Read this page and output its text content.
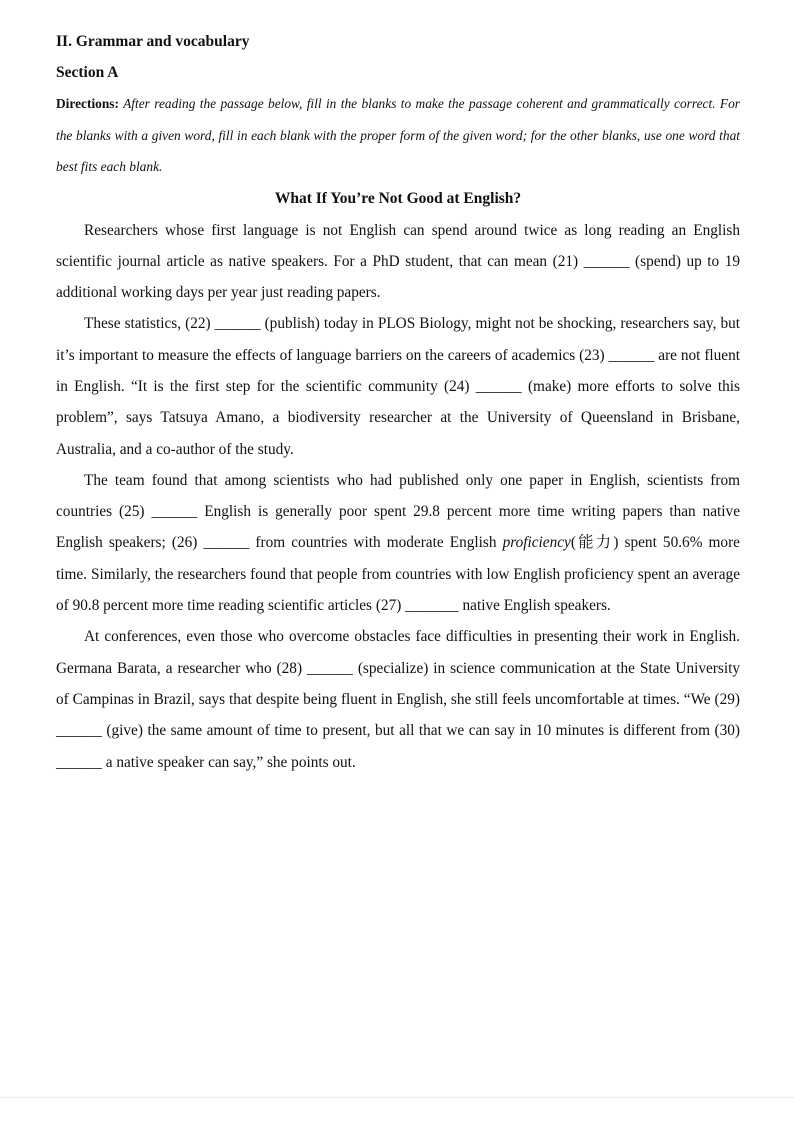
II. Grammar and vocabulary

Section A

Directions: After reading the passage below, fill in the blanks to make the passage coherent and grammatically correct. For the blanks with a given word, fill in each blank with the proper form of the given word; for the other blanks, use one word that best fits each blank.

What If You’re Not Good at English?

Researchers whose first language is not English can spend around twice as long reading an English scientific journal article as native speakers. For a PhD student, that can mean (21) ______ (spend) up to 19 additional working days per year just reading papers.

These statistics, (22) ______ (publish) today in PLOS Biology, might not be shocking, researchers say, but it’s important to measure the effects of language barriers on the careers of academics (23) ______ are not fluent in English. “It is the first step for the scientific community (24) ______ (make) more efforts to solve this problem”, says Tatsuya Amano, a biodiversity researcher at the University of Queensland in Brisbane, Australia, and a co-author of the study.

The team found that among scientists who had published only one paper in English, scientists from countries (25) ______ English is generally poor spent 29.8 percent more time writing papers than native English speakers; (26) ______ from countries with moderate English proficiency(能力) spent 50.6% more time. Similarly, the researchers found that people from countries with low English proficiency spent an average of 90.8 percent more time reading scientific articles (27) _______ native English speakers.

At conferences, even those who overcome obstacles face difficulties in presenting their work in English. Germana Barata, a researcher who (28) ______ (specialize) in science communication at the State University of Campinas in Brazil, says that despite being fluent in English, she still feels uncomfortable at times. “We (29) ______ (give) the same amount of time to present, but all that we can say in 10 minutes is different from (30) ______ a native speaker can say,” she points out.
